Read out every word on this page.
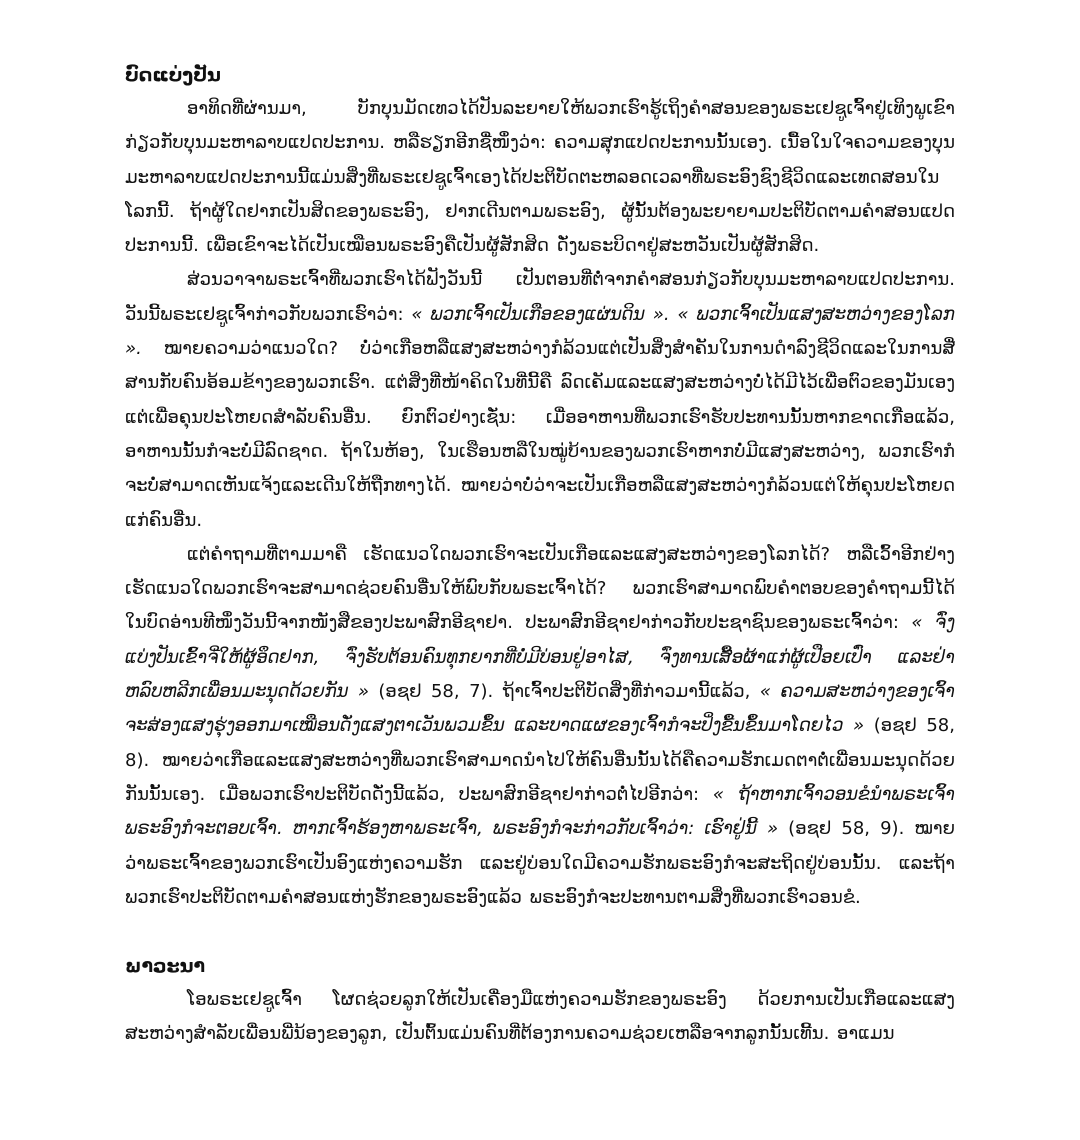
ບົດແບ່ງປັນ

ອາທິດທີ່ຜ່ານມາ, ບັກບຸນມັດເທວໄດ້ປັນລະຍາຍໃຫ້ພວກເຮົາຮູ້ເຖິງຄຳສອນຂອງພຣະເຢຊູເຈົ້າຢູ່ເທິງພູເຂົາ ກ່ຽວກັບບຸນມະຫາລາບແປດປະການ. ຫລືຮຽກອີກຊື່ໜຶ່ງວ່າ: ຄວາມສຸກແປດປະການນັ້ນເອງ. ເນື້ອໃນໃຈຄວາມຂອງບຸນມະຫາລາບແປດປະການນີ້ແມ່ນສິ່ງທີ່ພຣະເຢຊູເຈົ້າເອງໄດ້ປະຕິບັດຕະຫລອດເວລາທີ່ພຣະອົງຊົງຊີວິດແລະເທດສອນໃນໂລກນີ້. ຖ້າຜູ້ໃດຢາກເປັນສິດຂອງພຣະອົງ, ຢາກເດີນຕາມພຣະອົງ, ຜູ້ນັ້ນຕ້ອງພະຍາຍາມປະຕິບັດຕາມຄຳສອນແປດປະການນີ້. ເພື່ອເຂົາຈະໄດ້ເປັນເໝືອນພຣະອົງຄືເປັນຜູ້ສັກສິດ ດັ່ງພຣະບິດາຢູ່ສະຫວັນເປັນຜູ້ສັກສິດ.

ສ່ວນວາຈາພຣະເຈົ້າທີ່ພວກເຮົາໄດ້ຟັງວັນນີ້ ເປັນຕອນທີ່ຕໍ່ຈາກຄຳສອນກ່ຽວກັບບຸນມະຫາລາບແປດປະການ. ວັນນີ້ພຣະເຢຊູເຈົ້າກ່າວກັບພວກເຮົາວ່າ: « ພວກເຈົ້າເປັນເກືອຂອງແຜ່ນດິນ ». « ພວກເຈົ້າເປັນແສງສະຫວ່າງຂອງໂລກ ». ໝາຍຄວາມວ່າແນວໃດ? ບໍ່ວ່າເກືອຫລືແສງສະຫວ່າງກໍລ້ວນແຕ່ເປັນສິ່ງສຳຄັນໃນການດຳລົງຊີວິດແລະໃນການສື່ສານກັບຄົນອ້ອມຂ້າງຂອງພວກເຮົາ. ແຕ່ສິ່ງທີ່ໜ້າຄິດໃນທີ່ນີ້ຄື ລົດເຄັມແລະແສງສະຫວ່າງບໍ່ໄດ້ມີໄວ້ເພື່ອຕົວຂອງມັນເອງ ແຕ່ເພື່ອຄຸນປະໂຫຍດສຳລັບຄົນອື່ນ. ຍົກຕົວຢ່າງເຊັ່ນ: ເມື່ອອາຫານທີ່ພວກເຮົາຮັບປະທານນັ້ນຫາກຂາດເກືອແລ້ວ, ອາຫານນັ້ນກໍຈະບໍ່ມີລົດຊາດ. ຖ້າໃນຫ້ອງ, ໃນເຮືອນຫລືໃນໝູ່ບ້ານຂອງພວກເຮົາຫາກບໍ່ມີແສງສະຫວ່າງ, ພວກເຮົາກໍຈະບໍ່ສາມາດເຫັນແຈ້ງແລະເດີນໃຫ້ຖືກທາງໄດ້. ໝາຍວ່າບໍ່ວ່າຈະເປັນເກືອຫລືແສງສະຫວ່າງກໍລ້ວນແຕ່ໃຫ້ຄຸນປະໂຫຍດແກ່ຄົນອື່ນ.

ແຕ່ຄຳຖາມທີ່ຕາມມາຄື ເຮັດແນວໃດພວກເຮົາຈະເປັນເກືອແລະແສງສະຫວ່າງຂອງໂລກໄດ້? ຫລືເວົ້າອີກຢ່າງ ເຮັດແນວໃດພວກເຮົາຈະສາມາດຊ່ວຍຄົນອື່ນໃຫ້ພົບກັບພຣະເຈົ້າໄດ້? ພວກເຮົາສາມາດພົບຄຳຕອບຂອງຄຳຖາມນີ້ໄດ້ໃນບົດອ່ານທີໜຶ່ງວັນນີ້ຈາກໜັງສືຂອງປະພາສົກອີຊາຢາ. ປະພາສົກອີຊາຢາກ່າວກັບປະຊາຊົນຂອງພຣະເຈົ້າວ່າ: « ຈົ່ງແບ່ງປັນເຂົ້າຈີ່ໃຫ້ຜູ້ອຶດຢາກ, ຈົ່ງຮັບຕ້ອນຄົນທຸກຍາກທີ່ບໍ່ມີບ່ອນຢູ່ອາໄສ, ຈົ່ງທານເສື້ອຜ້າແກ່ຜູ້ເປືອຍເປົ່າ ແລະຢ່າຫລົບຫລີກເພື່ອນມະນຸດດ້ວຍກັນ » (ອຊຢ 58, 7). ຖ້າເຈົ້າປະຕິບັດສິ່ງທີ່ກ່າວມານີ້ແລ້ວ, « ຄວາມສະຫວ່າງຂອງເຈົ້າຈະສ່ອງແສງຮຸ່ງອອກມາເໝືອນດັ່ງແສງຕາເວັນພວມຂຶ້ນ ແລະບາດແຜຂອງເຈົ້າກໍຈະປິ່ງຂື້ນຂຶ້ນມາໂດຍໄວ » (ອຊຢ 58, 8). ໝາຍວ່າເກືອແລະແສງສະຫວ່າງທີ່ພວກເຮົາສາມາດນຳໄປໃຫ້ຄົນອື່ນນັ້ນໄດ້ຄືຄວາມຮັກເມດຕາຕໍ່ເພື່ອນມະນຸດດ້ວຍກັນນັ້ນເອງ. ເມື່ອພວກເຮົາປະຕິບັດດັ່ງນີ້ແລ້ວ, ປະພາສົກອີຊາຢາກ່າວຕໍ່ໄປອີກວ່າ: « ຖ້າຫາກເຈົ້າວອນຂໍນຳພຣະເຈົ້າ ພຣະອົງກໍຈະຕອບເຈົ້າ. ຫາກເຈົ້າຮ້ອງຫາພຣະເຈົ້າ, ພຣະອົງກໍຈະກ່າວກັບເຈົ້າວ່າ: ເຮົາຢູ່ນີ້ » (ອຊຢ 58, 9). ໝາຍວ່າພຣະເຈົ້າຂອງພວກເຮົາເປັນອົງແຫ່ງຄວາມຮັກ ແລະຢູ່ບ່ອນໃດມີຄວາມຮັກພຣະອົງກໍຈະສະຖິດຢູ່ບ່ອນນັ້ນ. ແລະຖ້າພວກເຮົາປະຕິບັດຕາມຄຳສອນແຫ່ງຮັກຂອງພຣະອົງແລ້ວ ພຣະອົງກໍຈະປະທານຕາມສິ່ງທີ່ພວກເຮົາວອນຂໍ.

ພາວະນາ

ໂອພຣະເຢຊູເຈົ້າ ໂຜດຊ່ວຍລູກໃຫ້ເປັນເຄື່ອງມືແຫ່ງຄວາມຮັກຂອງພຣະອົງ ດ້ວຍການເປັນເກືອແລະແສງສະຫວ່າງສຳລັບເພື່ອນພີ່ນ້ອງຂອງລູກ, ເປັນຕົ້ນແມ່ນຄົນທີ່ຕ້ອງການຄວາມຊ່ວຍເຫລືອຈາກລູກນັ້ນເທີ້ນ. ອາແມນ
